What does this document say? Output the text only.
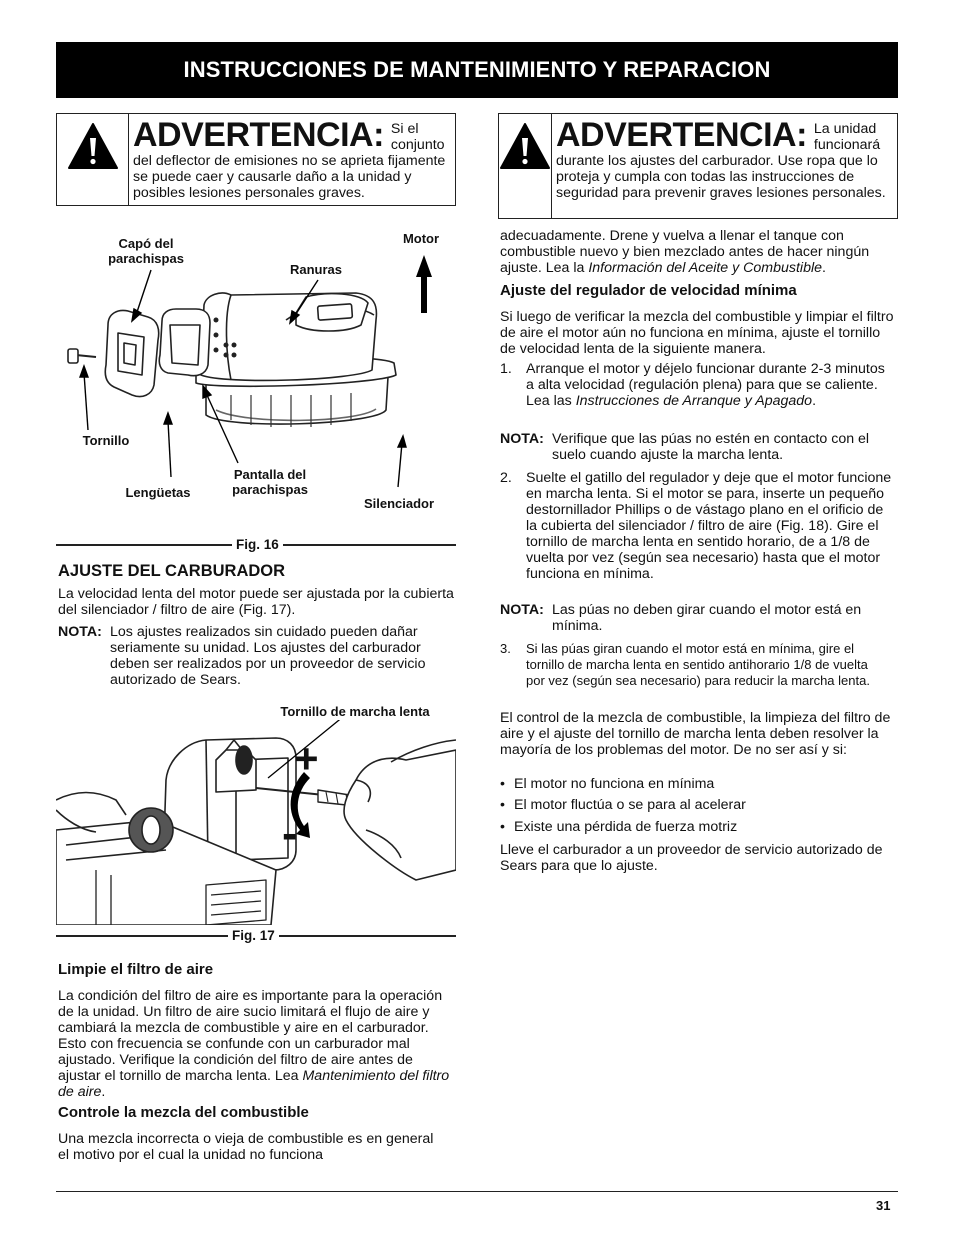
INSTRUCCIONES DE MANTENIMIENTO Y REPARACION
ADVERTENCIA: Si el conjunto
del deflector de emisiones no se aprieta fijamente se puede caer y causarle daño a la unidad y posibles lesiones personales graves.
ADVERTENCIA: La unidad funcionará
durante los ajustes del carburador. Use ropa que lo proteja y cumpla con todas las instrucciones de seguridad para prevenir graves lesiones personales.
Capó del parachispas
Ranuras
Motor
Tornillo
Lengüetas
Pantalla del parachispas
Silenciador
Fig. 16
AJUSTE DEL CARBURADOR

La velocidad lenta del motor puede ser ajustada por la cubierta del silenciador / filtro de aire (Fig. 17).

NOTA: Los ajustes realizados sin cuidado pueden dañar seriamente su unidad. Los ajustes del carburador deben ser realizados por un proveedor de servicio autorizado de Sears.
Tornillo de marcha lenta
+
-
Fig. 17
Limpie el filtro de aire

La condición del filtro de aire es importante para la operación de la unidad. Un filtro de aire sucio limitará el flujo de aire y cambiará la mezcla de combustible y aire en el carburador. Esto con frecuencia se confunde con un carburador mal ajustado. Verifique la condición del filtro de aire antes de ajustar el tornillo de marcha lenta. Lea Mantenimiento del filtro de aire.

Controle la mezcla del combustible

Una mezcla incorrecta o vieja de combustible es en general el motivo por el cual la unidad no funciona

adecuadamente. Drene y vuelva a llenar el tanque con combustible nuevo y bien mezclado antes de hacer ningún ajuste. Lea la Información del Aceite y Combustible.

Ajuste del regulador de velocidad mínima

Si luego de verificar la mezcla del combustible y limpiar el filtro de aire el motor aún no funciona en mínima, ajuste el tornillo de velocidad lenta de la siguiente manera.

1. Arranque el motor y déjelo funcionar durante 2-3 minutos a alta velocidad (regulación plena) para que se caliente. Lea las Instrucciones de Arranque y Apagado.
NOTA: Verifique que las púas no estén en contacto con el suelo cuando ajuste la marcha lenta.
2. Suelte el gatillo del regulador y deje que el motor funcione en marcha lenta. Si el motor se para, inserte un pequeño destornillador Phillips o de vástago plano en el orificio de la cubierta del silenciador / filtro de aire (Fig. 18). Gire el tornillo de marcha lenta en sentido horario, de a 1/8 de vuelta por vez (según sea necesario) hasta que el motor funciona en mínima.
NOTA: Las púas no deben girar cuando el motor está en mínima.
3.	Si las púas giran cuando el motor está en mínima, gire el tornillo de marcha lenta en sentido antihorario 1/8 de vuelta por vez (según sea necesario) para reducir la marcha lenta.

El control de la mezcla de combustible, la limpieza del filtro de aire y el ajuste del tornillo de marcha lenta deben resolver la mayoría de los problemas del motor. De no ser así y si:

• El motor no funciona en mínima
• El motor fluctúa o se para al acelerar
• Existe una pérdida de fuerza motriz

Lleve el carburador a un proveedor de servicio autorizado de Sears para que lo ajuste.

31
